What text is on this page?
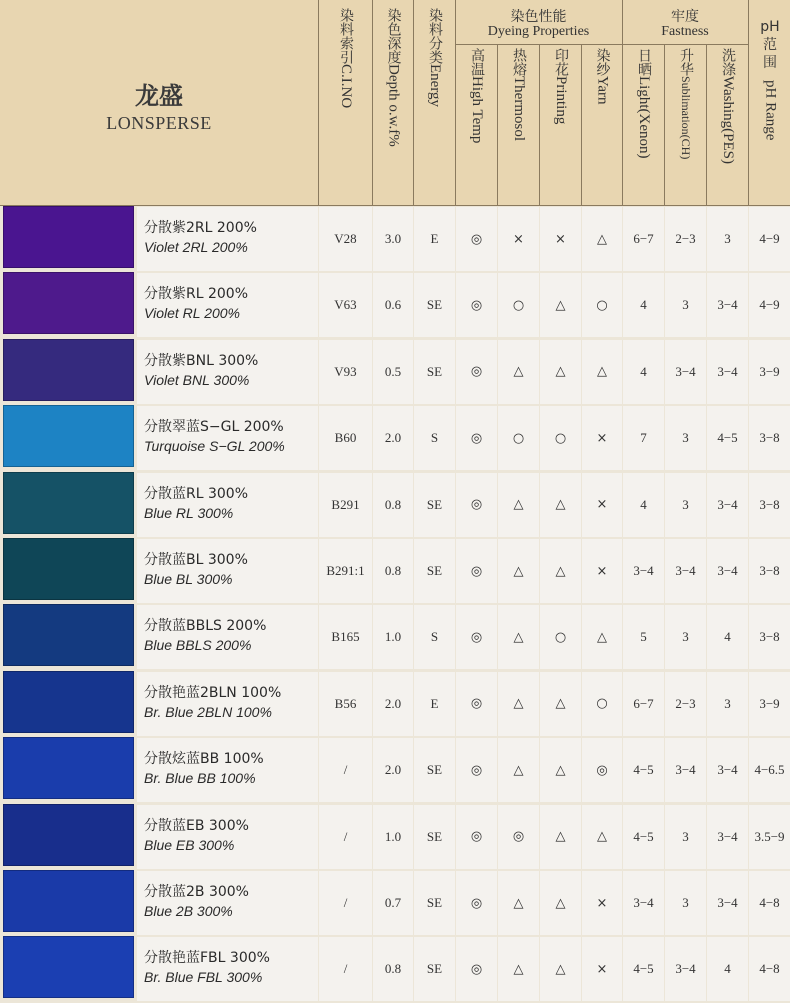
龙盛
LONSPERSE
染料索引C.I.NO
染色深度Depth o.w.f%
染料分类Energy
染色性能
Dyeing Properties
高温High Temp
热熔Thermosol
印花Printing
染纱Yarn
牢度
Fastness
日晒Light(Xenon)
升华Sublimation(CH)
洗涤Washing(PES)
pH
范
围
pH Range
分散紫2RL 200%
Violet 2RL 200%
V28	3.0	E	◎	×	×	△	6−7	2−3	3	4−9
分散紫RL 200%
Violet RL 200%
V63	0.6	SE	◎	○	△	○	4	3	3−4	4−9
分散紫BNL 300%
Violet BNL 300%
V93	0.5	SE	◎	△	△	△	4	3−4	3−4	3−9
分散翠蓝S−GL 200%
Turquoise S−GL 200%
B60	2.0	S	◎	○	○	×	7	3	4−5	3−8
分散蓝RL 300%
Blue RL 300%
B291	0.8	SE	◎	△	△	×	4	3	3−4	3−8
分散蓝BL 300%
Blue BL 300%
B291:1	0.8	SE	◎	△	△	×	3−4	3−4	3−4	3−8
分散蓝BBLS 200%
Blue BBLS 200%
B165	1.0	S	◎	△	○	△	5	3	4	3−8
分散艳蓝2BLN 100%
Br. Blue 2BLN 100%
B56	2.0	E	◎	△	△	○	6−7	2−3	3	3−9
分散炫蓝BB 100%
Br. Blue BB 100%
/	2.0	SE	◎	△	△	◎	4−5	3−4	3−4	4−6.5
分散蓝EB 300%
Blue EB 300%
/	1.0	SE	◎	◎	△	△	4−5	3	3−4	3.5−9
分散蓝2B 300%
Blue 2B 300%
/	0.7	SE	◎	△	△	×	3−4	3	3−4	4−8
分散艳蓝FBL 300%
Br. Blue FBL 300%
/	0.8	SE	◎	△	△	×	4−5	3−4	4	4−8
